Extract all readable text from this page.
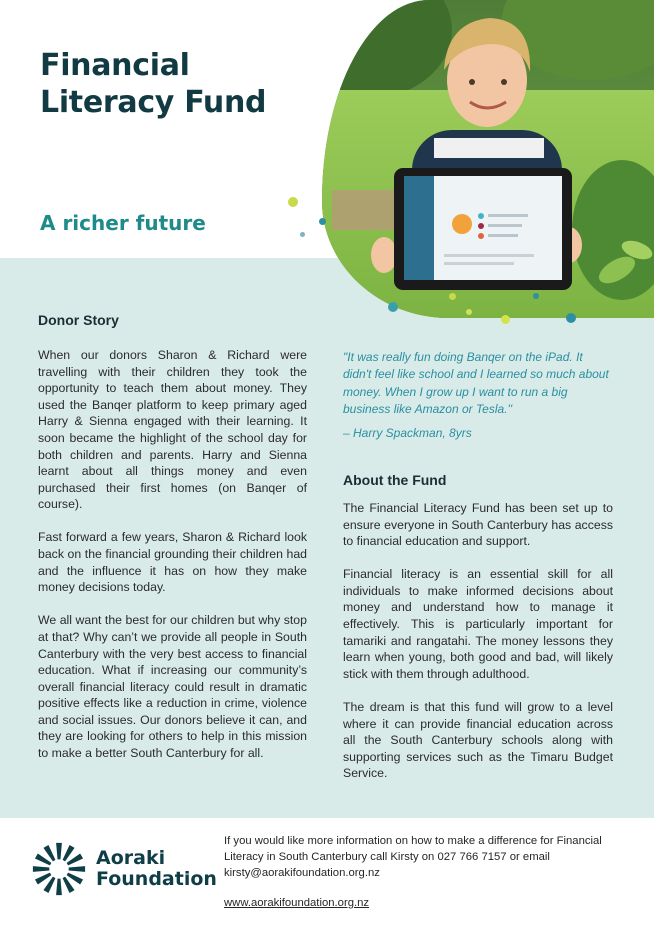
Financial Literacy Fund
A richer future
Donor Story

When our donors Sharon & Richard were travelling with their children they took the opportunity to teach them about money. They used the Banqer platform to keep primary aged Harry & Sienna engaged with their learning. It soon became the highlight of the school day for both children and parents. Harry and Sienna learnt about all things money and even purchased their first homes (on Banqer of course).

Fast forward a few years, Sharon & Richard look back on the financial grounding their children had and the influence it has on how they make money decisions today.

We all want the best for our children but why stop at that? Why can’t we provide all people in South Canterbury with the very best access to financial education. What if increasing our community’s overall financial literacy could result in dramatic positive effects like a reduction in crime, violence and social issues. Our donors believe it can, and they are looking for others to help in this mission to make a better South Canterbury for all.

"It was really fun doing Banqer on the iPad. It didn't feel like school and I learned so much about money. When I grow up I want to run a big business like Amazon or Tesla.''
– Harry Spackman, 8yrs
About the Fund

The Financial Literacy Fund has been set up to ensure everyone in South Canterbury has access to financial education and support.

Financial literacy is an essential skill for all individuals to make informed decisions about money and understand how to manage it effectively. This is particularly important for tamariki and rangatahi. The money lessons they learn when young, both good and bad, will likely stick with them through adulthood.

The dream is that this fund will grow to a level where it can provide financial education across all the South Canterbury schools along with supporting services such as the Timaru Budget Service.

Aoraki
Foundation
If you would like more information on how to make a difference for Financial Literacy in South Canterbury call Kirsty on 027 766 7157 or email kirsty@aorakifoundation.org.nz
www.aorakifoundation.org.nz
